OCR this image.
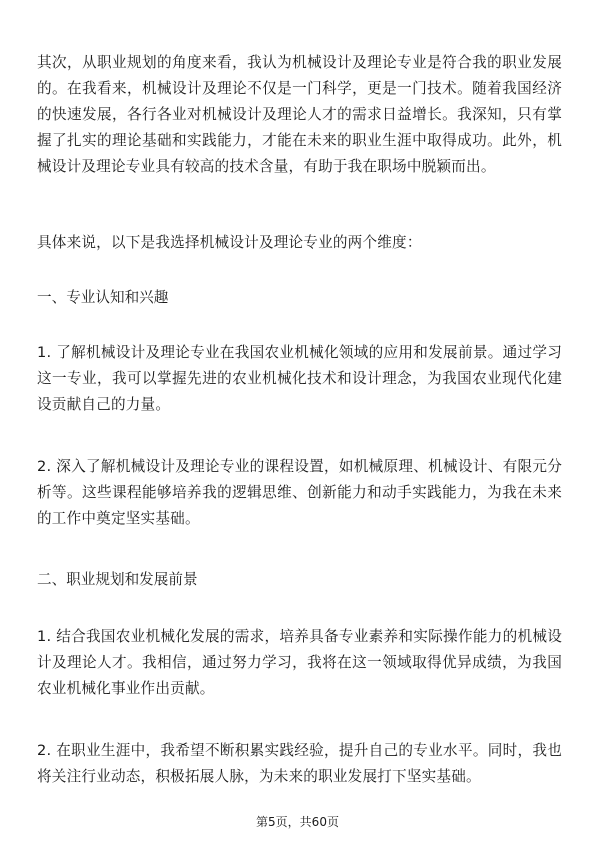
其次，从职业规划的角度来看，我认为机械设计及理论专业是符合我的职业发展的。在我看来，机械设计及理论不仅是一门科学，更是一门技术。随着我国经济的快速发展，各行各业对机械设计及理论人才的需求日益增长。我深知，只有掌握了扎实的理论基础和实践能力，才能在未来的职业生涯中取得成功。此外，机械设计及理论专业具有较高的技术含量，有助于我在职场中脱颖而出。

具体来说，以下是我选择机械设计及理论专业的两个维度：

一、专业认知和兴趣

1. 了解机械设计及理论专业在我国农业机械化领域的应用和发展前景。通过学习这一专业，我可以掌握先进的农业机械化技术和设计理念，为我国农业现代化建设贡献自己的力量。

2. 深入了解机械设计及理论专业的课程设置，如机械原理、机械设计、有限元分析等。这些课程能够培养我的逻辑思维、创新能力和动手实践能力，为我在未来的工作中奠定坚实基础。

二、职业规划和发展前景

1. 结合我国农业机械化发展的需求，培养具备专业素养和实际操作能力的机械设计及理论人才。我相信，通过努力学习，我将在这一领域取得优异成绩，为我国农业机械化事业作出贡献。

2. 在职业生涯中，我希望不断积累实践经验，提升自己的专业水平。同时，我也将关注行业动态，积极拓展人脉，为未来的职业发展打下坚实基础。

第5页，共60页
